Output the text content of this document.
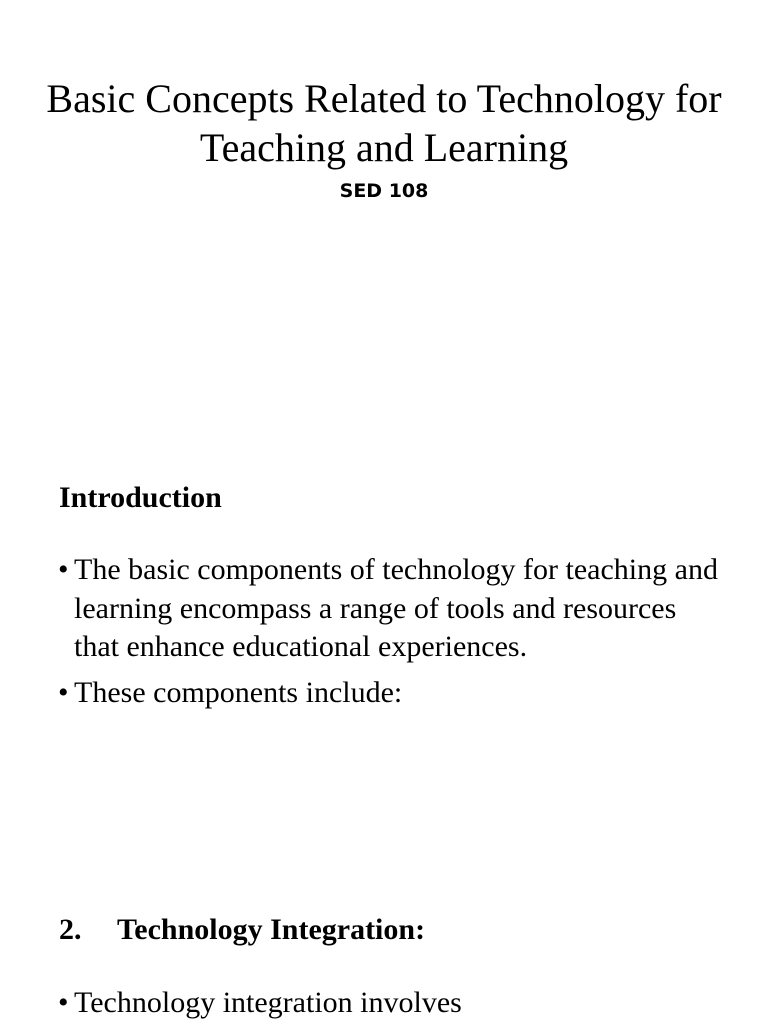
Basic Concepts Related to Technology for Teaching and Learning
SED 108
Introduction
• The basic components of technology for teaching and learning encompass a range of tools and resources that enhance educational experiences.
• These components include:
2. Technology Integration:
• Technology integration involves
